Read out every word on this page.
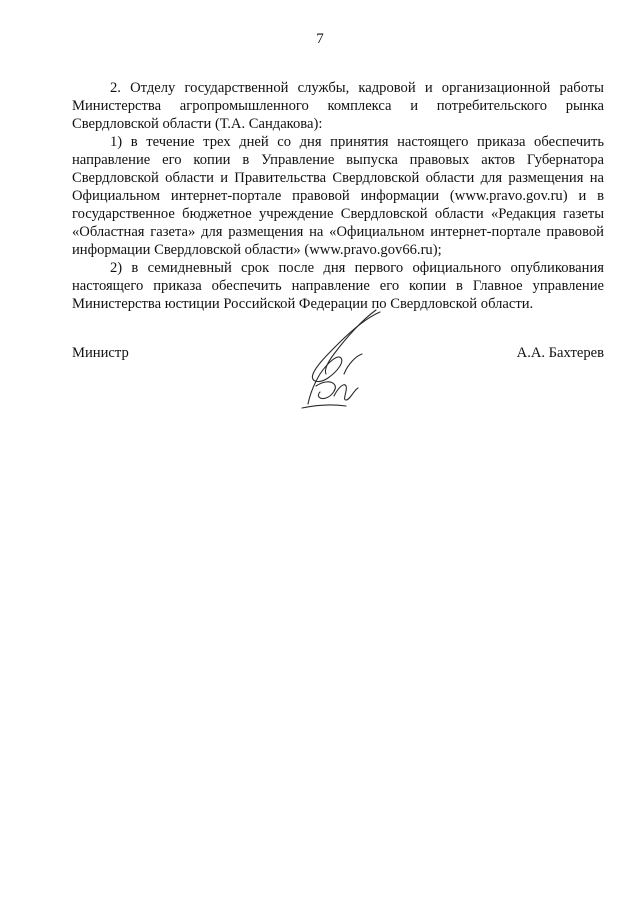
7

2. Отделу государственной службы, кадровой и организационной работы Министерства агропромышленного комплекса и потребительского рынка Свердловской области (Т.А. Сандакова):

1) в течение трех дней со дня принятия настоящего приказа обеспечить направление его копии в Управление выпуска правовых актов Губернатора Свердловской области и Правительства Свердловской области для размещения на Официальном интернет-портале правовой информации (www.pravo.gov.ru) и в государственное бюджетное учреждение Свердловской области «Редакция газеты «Областная газета» для размещения на «Официальном интернет-портале правовой информации Свердловской области» (www.pravo.gov66.ru);

2) в семидневный срок после дня первого официального опубликования настоящего приказа обеспечить направление его копии в Главное управление Министерства юстиции Российской Федерации по Свердловской области.

Министр	А.А. Бахтерев
